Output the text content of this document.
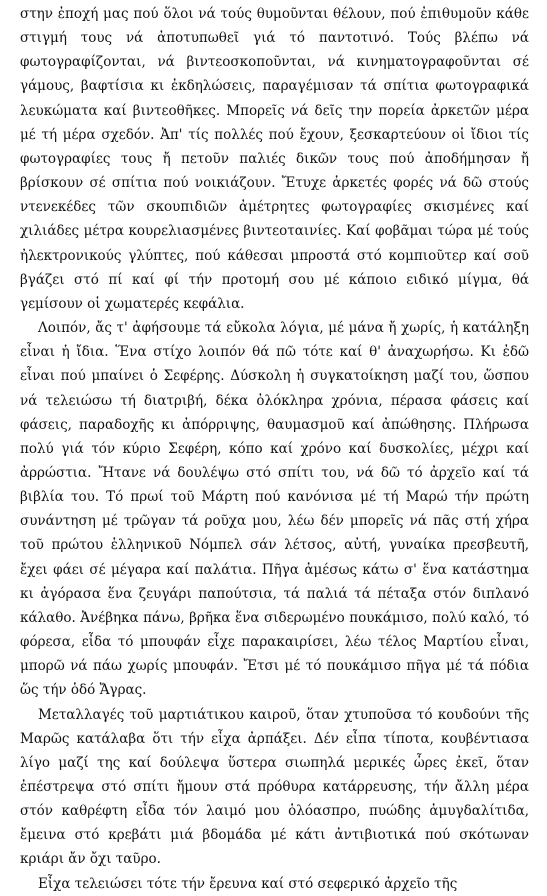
στην ἐποχή μας πού ὅλοι νά τούς θυμοῦνται θέλουν, πού ἐπιθυμοῦν κάθε στιγμή τους νά ἀποτυπωθεῖ γιά τό παντοτινό. Τούς βλέπω νά φωτογραφίζονται, νά βιντεοσκοποῦνται, νά κινηματογραφοῦνται σέ γάμους, βαφτίσια κι ἐκδηλώσεις, παραγέμισαν τά σπίτια φωτογραφικά λευκώματα καί βιντεοθῆκες. Μπορεῖς νά δεῖς την πορεία ἀρκετῶν μέρα μέ τή μέρα σχεδόν. Ἀπ' τίς πολλές πού ἔχουν, ξεσκαρτεύουν οἱ ἴδιοι τίς φωτογραφίες τους ἤ πετοῦν παλιές δικῶν τους πού ἀποδήμησαν ἤ βρίσκουν σέ σπίτια πού νοικιάζουν. Ἔτυχε ἀρκετές φορές νά δῶ στούς ντενεκέδες τῶν σκουπιδιῶν ἀμέτρητες φωτογραφίες σκισμένες καί χιλιάδες μέτρα κουρελιασμένες βιντεοταινίες. Καί φοβᾶμαι τώρα μέ τούς ἠλεκτρονικούς γλύπτες, πού κάθεσαι μπροστά στό κομπιοῦτερ καί σοῦ βγάζει στό πί καί φί τήν προτομή σου μέ κάποιο ειδικό μίγμα, θά γεμίσουν οἱ χωματερές κεφάλια.

Λοιπόν, ἄς τ' ἀφήσουμε τά εὔκολα λόγια, μέ μάνα ἤ χωρίς, ἡ κατάληξη εἶναι ἡ ἴδια. Ἕνα στίχο λοιπόν θά πῶ τότε καί θ' ἀναχωρήσω. Κι ἐδῶ εἶναι πού μπαίνει ὁ Σεφέρης. Δύσκολη ἡ συγκατοίκηση μαζί του, ὥσπου νά τελειώσω τή διατριβή, δέκα ὁλόκληρα χρόνια, πέρασα φάσεις καί φάσεις, παραδοχῆς κι ἀπόρριψης, θαυμασμοῦ καί ἀπώθησης. Πλήρωσα πολύ γιά τόν κύριο Σεφέρη, κόπο καί χρόνο καί δυσκολίες, μέχρι καί ἀρρώστια. Ἤτανε νά δουλέψω στό σπίτι του, νά δῶ τό ἀρχεῖο καί τά βιβλία του. Τό πρωί τοῦ Μάρτη πού κανόνισα μέ τή Μαρώ τήν πρώτη συνάντηση μέ τρῶγαν τά ροῦχα μου, λέω δέν μπορεῖς νά πᾶς στή χήρα τοῦ πρώτου ἑλληνικοῦ Νόμπελ σάν λέτσος, αὐτή, γυναίκα πρεσβευτῆ, ἔχει φάει σέ μέγαρα καί παλάτια. Πῆγα ἀμέσως κάτω σ' ἕνα κατάστημα κι ἀγόρασα ἕνα ζευγάρι παπούτσια, τά παλιά τά πέταξα στόν διπλανό κάλαθο. Ἀνέβηκα πάνω, βρῆκα ἕνα σιδερωμένο πουκάμισο, πολύ καλό, τό φόρεσα, εἶδα τό μπουφάν εἶχε παρακαιρίσει, λέω τέλος Μαρτίου εἶναι, μπορῶ νά πάω χωρίς μπουφάν. Ἔτσι μέ τό πουκάμισο πῆγα μέ τά πόδια ὥς τήν ὁδό Ἄγρας.

Μεταλλαγές τοῦ μαρτιάτικου καιροῦ, ὅταν χτυποῦσα τό κουδούνι τῆς Μαρῶς κατάλαβα ὅτι τήν εἶχα ἀρπάξει. Δέν εἶπα τίποτα, κουβέντιασα λίγο μαζί της καί δούλεψα ὕστερα σιωπηλά μερικές ὧρες ἐκεῖ, ὅταν ἐπέστρεψα στό σπίτι ἤμουν στά πρόθυρα κατάρρευσης, τήν ἄλλη μέρα στόν καθρέφτη εἶδα τόν λαιμό μου ὁλόασπρο, πυώδης ἀμυγδαλίτιδα, ἔμεινα στό κρεβάτι μιά βδομάδα μέ κάτι ἀντιβιοτικά πού σκότωναν κριάρι ἄν ὄχι ταῦρο.

Εἶχα τελειώσει τότε τήν ἔρευνα καί στό σεφερικό ἀρχεῖο τῆς
